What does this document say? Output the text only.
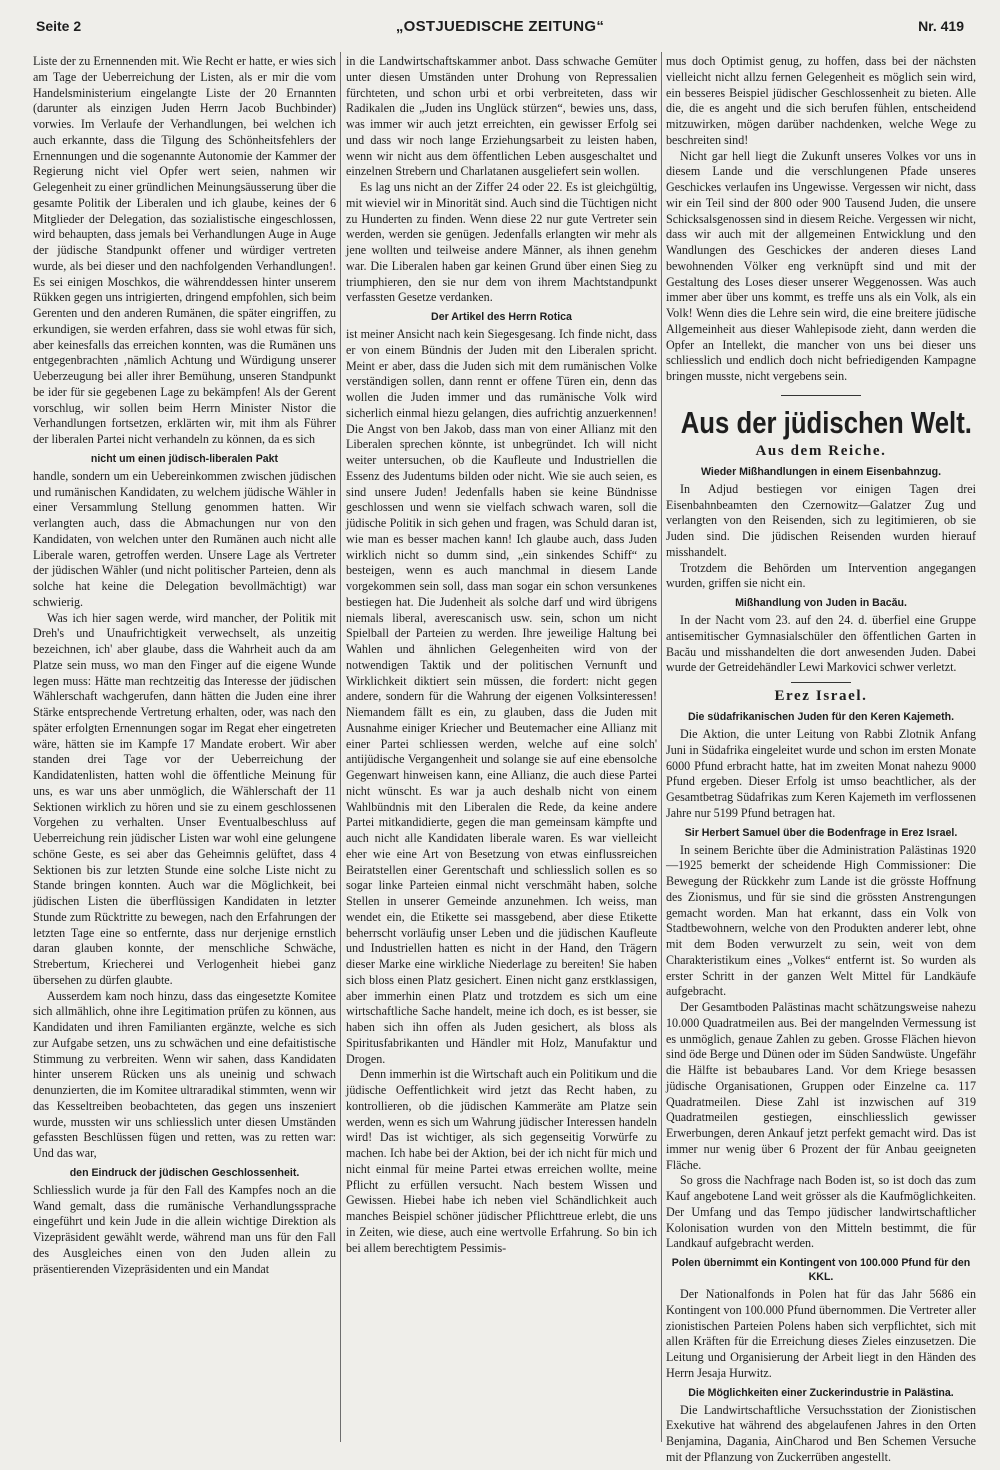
Seite 2	„OSTJUEDISCHE ZEITUNG“	Nr. 419

Liste der zu Ernennenden mit. Wie Recht er hatte, er wies sich am Tage der Ueberreichung der Listen, als er mir die vom Handelsministerium eingelangte Liste der 20 Ernannten (darunter als einzigen Juden Herrn Jacob Buchbinder) vorwies. Im Verlaufe der Verhandlungen, bei welchen ich auch erkannte, dass die Tilgung des Schönheitsfehlers der Ernennungen und die sogenannte Autonomie der Kammer der Regierung nicht viel Opfer wert seien, nahmen wir Gelegenheit zu einer gründlichen Meinungsäusserung über die gesamte Politik der Liberalen und ich glaube, keines der 6 Mitglieder der Delegation, das sozialistische eingeschlossen, wird behaupten, dass jemals bei Verhandlungen Auge in Auge der jüdische Standpunkt offener und würdiger vertreten wurde, als bei dieser und den nachfolgenden Verhandlungen!. Es sei einigen Moschkos, die währenddessen hinter unserem Rükken gegen uns intrigierten, dringend empfohlen, sich beim Gerenten und den anderen Rumänen, die später eingriffen, zu erkundigen, sie werden erfahren, dass sie wohl etwas für sich, aber keinesfalls das erreichen konnten, was die Rumänen uns entgegenbrachten ‚nämlich Achtung und Würdigung unserer Ueberzeugung bei aller ihrer Bemühung, unseren Standpunkt be ider für sie gegebenen Lage zu bekämpfen! Als der Gerent vorschlug, wir sollen beim Herrn Minister Nistor die Verhandlungen fortsetzen, erklärten wir, mit ihm als Führer der liberalen Partei nicht verhandeln zu können, da es sich

nicht um einen jüdisch-liberalen Pakt

handle, sondern um ein Uebereinkommen zwischen jüdischen und rumänischen Kandidaten, zu welchem jüdische Wähler in einer Versammlung Stellung genommen hatten. Wir verlangten auch, dass die Abmachungen nur von den Kandidaten, von welchen unter den Rumänen auch nicht alle Liberale waren, getroffen werden. Unsere Lage als Vertreter der jüdischen Wähler (und nicht politischer Parteien, denn als solche hat keine die Delegation bevollmächtigt) war schwierig.

Was ich hier sagen werde, wird mancher, der Politik mit Dreh's und Unaufrichtigkeit verwechselt, als unzeitig bezeichnen, ich' aber glaube, dass die Wahrheit auch da am Platze sein muss, wo man den Finger auf die eigene Wunde legen muss: Hätte man rechtzeitig das Interesse der jüdischen Wählerschaft wachgerufen, dann hätten die Juden eine ihrer Stärke entsprechende Vertretung erhalten, oder, was nach den später erfolgten Ernennungen sogar im Regat eher eingetreten wäre, hätten sie im Kampfe 17 Mandate erobert. Wir aber standen drei Tage vor der Ueberreichung der Kandidatenlisten, hatten wohl die öffentliche Meinung für uns, es war uns aber unmöglich, die Wählerschaft der 11 Sektionen wirklich zu hören und sie zu einem geschlossenen Vorgehen zu verhalten. Unser Eventualbeschluss auf Ueberreichung rein jüdischer Listen war wohl eine gelungene schöne Geste, es sei aber das Geheimnis gelüftet, dass 4 Sektionen bis zur letzten Stunde eine solche Liste nicht zu Stande bringen konnten. Auch war die Möglichkeit, bei jüdischen Listen die überflüssigen Kandidaten in letzter Stunde zum Rücktritte zu bewegen, nach den Erfahrungen der letzten Tage eine so entfernte, dass nur derjenige ernstlich daran glauben konnte, der menschliche Schwäche, Strebertum, Kriecherei und Verlogenheit hiebei ganz übersehen zu dürfen glaubte.

Ausserdem kam noch hinzu, dass das eingesetzte Komitee sich allmählich, ohne ihre Legitimation prüfen zu können, aus Kandidaten und ihren Familianten ergänzte, welche es sich zur Aufgabe setzen, uns zu schwächen und eine defaitistische Stimmung zu verbreiten. Wenn wir sahen, dass Kandidaten hinter unserem Rücken uns als uneinig und schwach denunzierten, die im Komitee ultraradikal stimmten, wenn wir das Kesseltreiben beobachteten, das gegen uns inszeniert wurde, mussten wir uns schliesslich unter diesen Umständen gefassten Beschlüssen fügen und retten, was zu retten war: Und das war,

den Eindruck der jüdischen Geschlossenheit.

Schliesslich wurde ja für den Fall des Kampfes noch an die Wand gemalt, dass die rumänische Verhandlungssprache eingeführt und kein Jude in die allein wichtige Direktion als Vizepräsident gewählt werde, während man uns für den Fall des Ausgleiches einen von den Juden allein zu präsentierenden Vizepräsidenten und ein Mandat

in die Landwirtschaftskammer anbot. Dass schwache Gemüter unter diesen Umständen unter Drohung von Repressalien fürchteten, und schon urbi et orbi verbreiteten, dass wir Radikalen die „Juden ins Unglück stürzen“, bewies uns, dass, was immer wir auch jetzt erreichten, ein gewisser Erfolg sei und dass wir noch lange Erziehungsarbeit zu leisten haben, wenn wir nicht aus dem öffentlichen Leben ausgeschaltet und einzelnen Strebern und Charlatanen ausgeliefert sein wollen.

Es lag uns nicht an der Ziffer 24 oder 22. Es ist gleichgültig, mit wieviel wir in Minorität sind. Auch sind die Tüchtigen nicht zu Hunderten zu finden. Wenn diese 22 nur gute Vertreter sein werden, werden sie genügen. Jedenfalls erlangten wir mehr als jene wollten und teilweise andere Männer, als ihnen genehm war. Die Liberalen haben gar keinen Grund über einen Sieg zu triumphieren, den sie nur dem von ihrem Machtstandpunkt verfassten Gesetze verdanken.

Der Artikel des Herrn Rotica

ist meiner Ansicht nach kein Siegesgesang. Ich finde nicht, dass er von einem Bündnis der Juden mit den Liberalen spricht. Meint er aber, dass die Juden sich mit dem rumänischen Volke verständigen sollen, dann rennt er offene Türen ein, denn das wollen die Juden immer und das rumänische Volk wird sicherlich einmal hiezu gelangen, dies aufrichtig anzuerkennen! Die Angst von ben Jakob, dass man von einer Allianz mit den Liberalen sprechen könnte, ist unbegründet. Ich will nicht weiter untersuchen, ob die Kaufleute und Industriellen die Essenz des Judentums bilden oder nicht. Wie sie auch seien, es sind unsere Juden! Jedenfalls haben sie keine Bündnisse geschlossen und wenn sie vielfach schwach waren, soll die jüdische Politik in sich gehen und fragen, was Schuld daran ist, wie man es besser machen kann! Ich glaube auch, dass Juden wirklich nicht so dumm sind, „ein sinkendes Schiff“ zu besteigen, wenn es auch manchmal in diesem Lande vorgekommen sein soll, dass man sogar ein schon versunkenes bestiegen hat. Die Judenheit als solche darf und wird übrigens niemals liberal, averescanisch usw. sein, schon um nicht Spielball der Parteien zu werden. Ihre jeweilige Haltung bei Wahlen und ähnlichen Gelegenheiten wird von der notwendigen Taktik und der politischen Vernunft und Wirklichkeit diktiert sein müssen, die fordert: nicht gegen andere, sondern für die Wahrung der eigenen Volksinteressen! Niemandem fällt es ein, zu glauben, dass die Juden mit Ausnahme einiger Kriecher und Beutemacher eine Allianz mit einer Partei schliessen werden, welche auf eine solch' antijüdische Vergangenheit und solange sie auf eine ebensolche Gegenwart hinweisen kann, eine Allianz, die auch diese Partei nicht wünscht. Es war ja auch deshalb nicht von einem Wahlbündnis mit den Liberalen die Rede, da keine andere Partei mitkandidierte, gegen die man gemeinsam kämpfte und auch nicht alle Kandidaten liberale waren. Es war vielleicht eher wie eine Art von Besetzung von etwas einflussreichen Beiratstellen einer Gerentschaft und schliesslich sollen es so sogar linke Parteien einmal nicht verschmäht haben, solche Stellen in unserer Gemeinde anzunehmen. Ich weiss, man wendet ein, die Etikette sei massgebend, aber diese Etikette beherrscht vorläufig unser Leben und die jüdischen Kaufleute und Industriellen hatten es nicht in der Hand, den Trägern dieser Marke eine wirkliche Niederlage zu bereiten! Sie haben sich bloss einen Platz gesichert. Einen nicht ganz erstklassigen, aber immerhin einen Platz und trotzdem es sich um eine wirtschaftliche Sache handelt, meine ich doch, es ist besser, sie haben sich ihn offen als Juden gesichert, als bloss als Spiritusfabrikanten und Händler mit Holz, Manufaktur und Drogen.

Denn immerhin ist die Wirtschaft auch ein Politikum und die jüdische Oeffentlichkeit wird jetzt das Recht haben, zu kontrollieren, ob die jüdischen Kammeräte am Platze sein werden, wenn es sich um Wahrung jüdischer Interessen handeln wird! Das ist wichtiger, als sich gegenseitig Vorwürfe zu machen. Ich habe bei der Aktion, bei der ich nicht für mich und nicht einmal für meine Partei etwas erreichen wollte, meine Pflicht zu erfüllen versucht. Nach bestem Wissen und Gewissen. Hiebei habe ich neben viel Schändlichkeit auch manches Beispiel schöner jüdischer Pflichttreue erlebt, die uns in Zeiten, wie diese, auch eine wertvolle Erfahrung. So bin ich bei allem berechtigtem Pessimis-

mus doch Optimist genug, zu hoffen, dass bei der nächsten vielleicht nicht allzu fernen Gelegenheit es möglich sein wird, ein besseres Beispiel jüdischer Geschlossenheit zu bieten. Alle die, die es angeht und die sich berufen fühlen, entscheidend mitzuwirken, mögen darüber nachdenken, welche Wege zu beschreiten sind!

Nicht gar hell liegt die Zukunft unseres Volkes vor uns in diesem Lande und die verschlungenen Pfade unseres Geschickes verlaufen ins Ungewisse. Vergessen wir nicht, dass wir ein Teil sind der 800 oder 900 Tausend Juden, die unsere Schicksalsgenossen sind in diesem Reiche. Vergessen wir nicht, dass wir auch mit der allgemeinen Entwicklung und den Wandlungen des Geschickes der anderen dieses Land bewohnenden Völker eng verknüpft sind und mit der Gestaltung des Loses dieser unserer Weggenossen. Was auch immer aber über uns kommt, es treffe uns als ein Volk, als ein Volk! Wenn dies die Lehre sein wird, die eine breitere jüdische Allgemeinheit aus dieser Wahlepisode zieht, dann werden die Opfer an Intellekt, die mancher von uns bei dieser uns schliesslich und endlich doch nicht befriedigenden Kampagne bringen musste, nicht vergebens sein.

Aus der jüdischen Welt.
Aus dem Reiche.
Wieder Mißhandlungen in einem Eisenbahnzug.

In Adjud bestiegen vor einigen Tagen drei Eisenbahnbeamten den Czernowitz—Galatzer Zug und verlangten von den Reisenden, sich zu legitimieren, ob sie Juden sind. Die jüdischen Reisenden wurden hierauf misshandelt.

Trotzdem die Behörden um Intervention angegangen wurden, griffen sie nicht ein.

Mißhandlung von Juden in Bacău.

In der Nacht vom 23. auf den 24. d. überfiel eine Gruppe antisemitischer Gymnasialschüler den öffentlichen Garten in Bacău und misshandelten die dort anwesenden Juden. Dabei wurde der Getreidehändler Lewi Markovici schwer verletzt.

Erez Israel.
Die südafrikanischen Juden für den Keren Kajemeth.

Die Aktion, die unter Leitung von Rabbi Zlotnik Anfang Juni in Südafrika eingeleitet wurde und schon im ersten Monate 6000 Pfund erbracht hatte, hat im zweiten Monat nahezu 9000 Pfund ergeben. Dieser Erfolg ist umso beachtlicher, als der Gesamtbetrag Südafrikas zum Keren Kajemeth im verflossenen Jahre nur 5199 Pfund betragen hat.

Sir Herbert Samuel über die Bodenfrage in Erez Israel.

In seinem Berichte über die Administration Palästinas 1920—1925 bemerkt der scheidende High Commissioner: Die Bewegung der Rückkehr zum Lande ist die grösste Hoffnung des Zionismus, und für sie sind die grössten Anstrengungen gemacht worden. Man hat erkannt, dass ein Volk von Stadtbewohnern, welche von den Produkten anderer lebt, ohne mit dem Boden verwurzelt zu sein, weit von dem Charakteristikum eines „Volkes“ entfernt ist. So wurden als erster Schritt in der ganzen Welt Mittel für Landkäufe aufgebracht.

Der Gesamtboden Palästinas macht schätzungsweise nahezu 10.000 Quadratmeilen aus. Bei der mangelnden Vermessung ist es unmöglich, genaue Zahlen zu geben. Grosse Flächen hievon sind öde Berge und Dünen oder im Süden Sandwüste. Ungefähr die Hälfte ist bebaubares Land. Vor dem Kriege besassen jüdische Organisationen, Gruppen oder Einzelne ca. 117 Quadratmeilen. Diese Zahl ist inzwischen auf 319 Quadratmeilen gestiegen, einschliesslich gewisser Erwerbungen, deren Ankauf jetzt perfekt gemacht wird. Das ist immer nur wenig über 6 Prozent der für Anbau geeigneten Fläche.

So gross die Nachfrage nach Boden ist, so ist doch das zum Kauf angebotene Land weit grösser als die Kaufmöglichkeiten. Der Umfang und das Tempo jüdischer landwirtschaftlicher Kolonisation wurden von den Mitteln bestimmt, die für Landkauf aufgebracht werden.

Polen übernimmt ein Kontingent von 100.000 Pfund für den KKL.

Der Nationalfonds in Polen hat für das Jahr 5686 ein Kontingent von 100.000 Pfund übernommen. Die Vertreter aller zionistischen Parteien Polens haben sich verpflichtet, sich mit allen Kräften für die Erreichung dieses Zieles einzusetzen. Die Leitung und Organisierung der Arbeit liegt in den Händen des Herrn Jesaja Hurwitz.

Die Möglichkeiten einer Zuckerindustrie in Palästina.

Die Landwirtschaftliche Versuchsstation der Zionistischen Exekutive hat während des abgelaufenen Jahres in den Orten Benjamina, Dagania, AinCharod und Ben Schemen Versuche mit der Pflanzung von Zuckerrüben angestellt.
